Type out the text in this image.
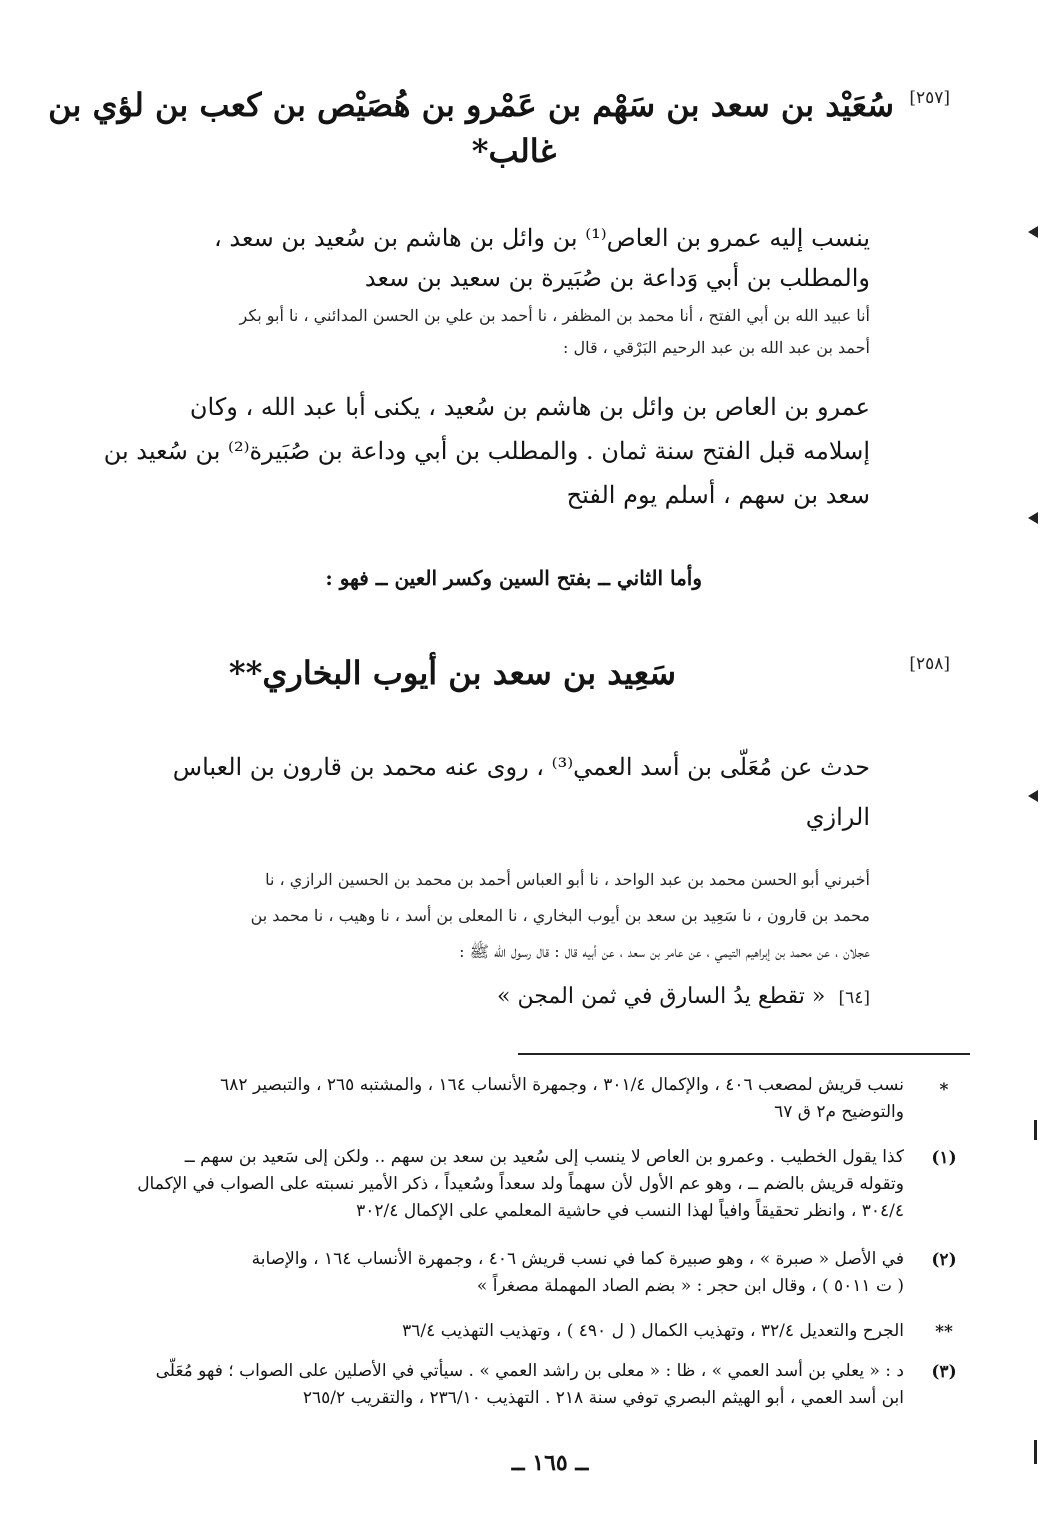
[٢٥٧]
سُعَيْد بن سعد بن سَهْم بن عَمْرو بن هُصَيْص بن كعب بن لؤي بن
غالب*
ينسب إليه عمرو بن العاص⁽¹⁾ بن وائل بن هاشم بن سُعيد بن سعد ،
والمطلب بن أبي وَداعة بن صُبَيرة بن سعيد بن سعد
أنا عبيد الله بن أبي الفتح ، أنا محمد بن المظفر ، نا أحمد بن علي بن الحسن المدائني ، نا أبو بكر
أحمد بن عبد الله بن عبد الرحيم البَرْقي ، قال :
عمرو بن العاص بن وائل بن هاشم بن سُعيد ، يكنى أبا عبد الله ، وكان
إسلامه قبل الفتح سنة ثمان . والمطلب بن أبي وداعة بن صُبَيرة⁽²⁾ بن سُعيد بن
سعد بن سهم ، أسلم يوم الفتح
وأما الثاني ــ بفتح السين وكسر العين ــ فهو :
[٢٥٨]
سَعِيد بن سعد بن أيوب البخاري**
حدث عن مُعَلّى بن أسد العمي⁽³⁾ ، روى عنه محمد بن قارون بن العباس
الرازي
أخبرني أبو الحسن محمد بن عبد الواحد ، نا أبو العباس أحمد بن محمد بن الحسين الرازي ، نا
محمد بن قارون ، نا سَعِيد بن سعد بن أيوب البخاري ، نا المعلى بن أسد ، نا وهيب ، نا محمد بن
عجلان ، عن محمد بن إبراهيم التيمي ، عن عامر بن سعد ، عن أبيه قال : قال رسول الله ﷺ :
[٦٤] « تقطع يدُ السارق في ثمن المجن »
*
نسب قريش لمصعب ٤٠٦ ، والإكمال ٣٠١/٤ ، وجمهرة الأنساب ١٦٤ ، والمشتبه ٢٦٥ ، والتبصير ٦٨٢
والتوضيح م٢ ق ٦٧
(١)
كذا يقول الخطيب . وعمرو بن العاص لا ينسب إلى سُعيد بن سعد بن سهم .. ولكن إلى سَعيد بن سهم ــ
وتقوله قريش بالضم ــ ، وهو عم الأول لأن سهماً ولد سعداً وسُعيداً ، ذكر الأمير نسبته على الصواب في الإكمال
٣٠٤/٤ ، وانظر تحقيقاً وافياً لهذا النسب في حاشية المعلمي على الإكمال ٣٠٢/٤
(٢)
في الأصل « صبرة » ، وهو صبيرة كما في نسب قريش ٤٠٦ ، وجمهرة الأنساب ١٦٤ ، والإصابة
( ت ٥٠١١ ) ، وقال ابن حجر : « بضم الصاد المهملة مصغراً »
**
الجرح والتعديل ٣٢/٤ ، وتهذيب الكمال ( ل ٤٩٠ ) ، وتهذيب التهذيب ٣٦/٤
(٣)
د : « يعلي بن أسد العمي » ، ظا : « معلى بن راشد العمي » . سيأتي في الأصلين على الصواب ؛ فهو مُعَلّى
ابن أسد العمي ، أبو الهيثم البصري توفي سنة ٢١٨ . التهذيب ٢٣٦/١٠ ، والتقريب ٢٦٥/٢
ــ ١٦٥ ــ
